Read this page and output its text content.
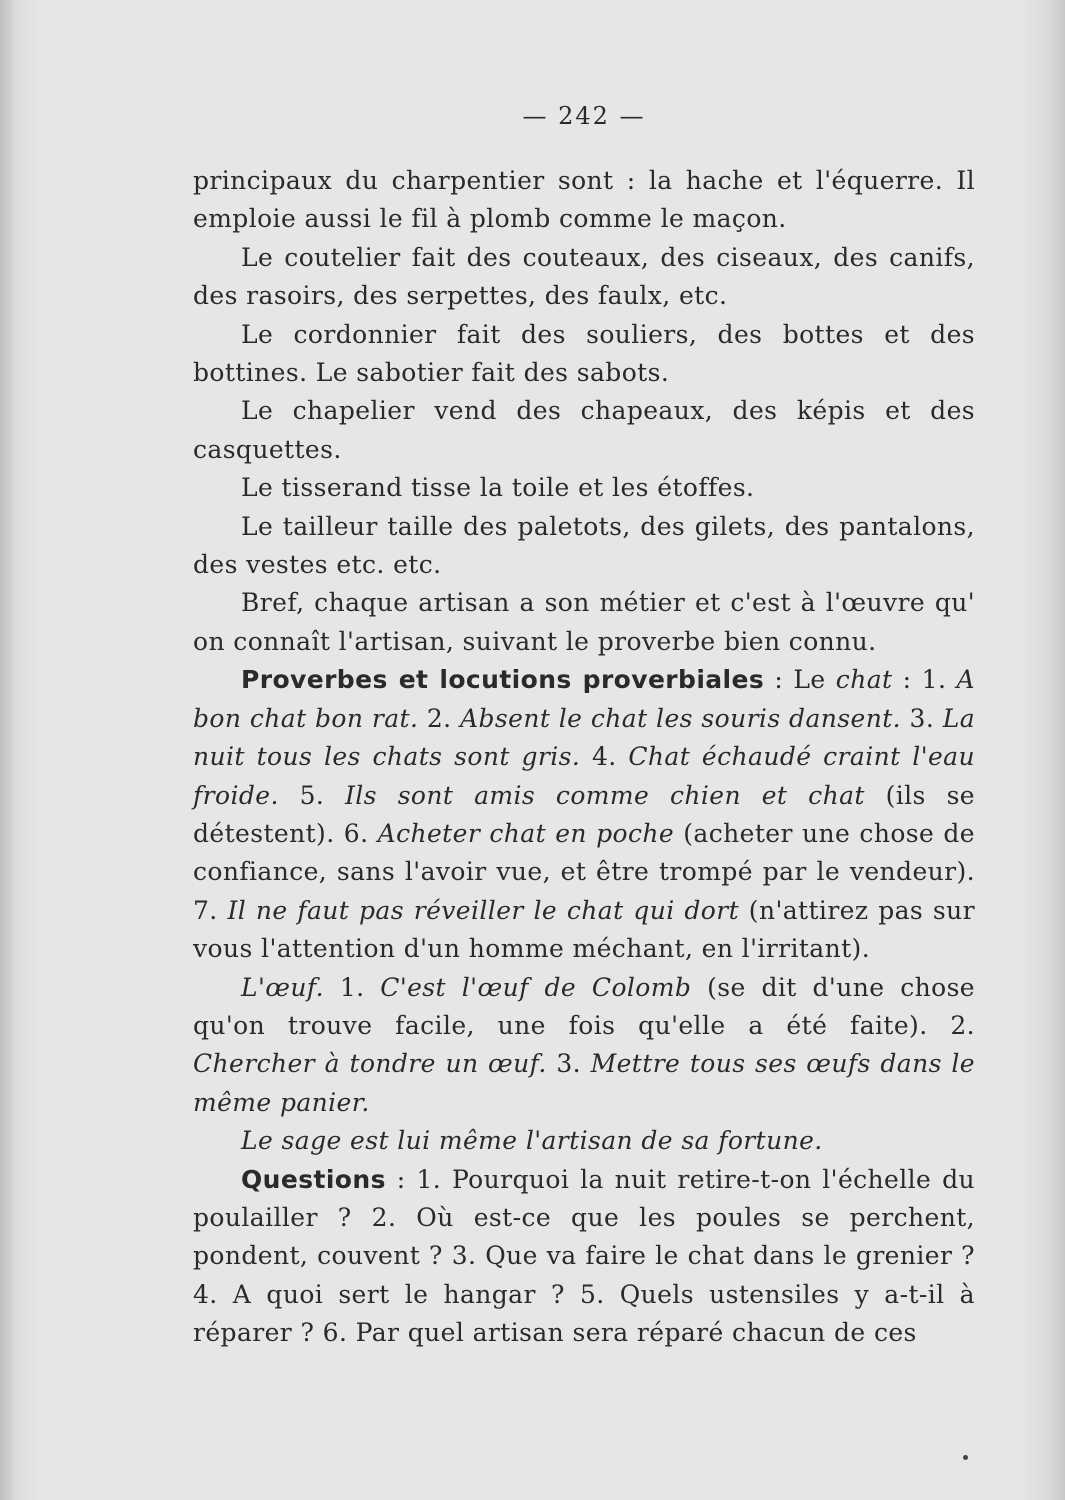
— 242 —

principaux du charpentier sont : la hache et l'équerre. Il emploie aussi le fil à plomb comme le maçon.

Le coutelier fait des couteaux, des ciseaux, des canifs, des rasoirs, des serpettes, des faulx, etc.

Le cordonnier fait des souliers, des bottes et des bottines. Le sabotier fait des sabots.

Le chapelier vend des chapeaux, des képis et des casquettes.

Le tisserand tisse la toile et les étoffes.

Le tailleur taille des paletots, des gilets, des pantalons, des vestes etc. etc.

Bref, chaque artisan a son métier et c'est à l'œuvre qu' on connaît l'artisan, suivant le proverbe bien connu.

Proverbes et locutions proverbiales : Le chat : 1. A bon chat bon rat. 2. Absent le chat les souris dansent. 3. La nuit tous les chats sont gris. 4. Chat échaudé craint l'eau froide. 5. Ils sont amis comme chien et chat (ils se détestent). 6. Acheter chat en poche (acheter une chose de confiance, sans l'avoir vue, et être trompé par le vendeur). 7. Il ne faut pas réveiller le chat qui dort (n'attirez pas sur vous l'attention d'un homme méchant, en l'irritant).

L'œuf. 1. C'est l'œuf de Colomb (se dit d'une chose qu'on trouve facile, une fois qu'elle a été faite). 2. Chercher à tondre un œuf. 3. Mettre tous ses œufs dans le même panier.

Le sage est lui même l'artisan de sa fortune.

Questions : 1. Pourquoi la nuit retire-t-on l'échelle du poulailler ? 2. Où est-ce que les poules se perchent, pondent, couvent ? 3. Que va faire le chat dans le grenier ? 4. A quoi sert le hangar ? 5. Quels ustensiles y a-t-il à réparer ? 6. Par quel artisan sera réparé chacun de ces
